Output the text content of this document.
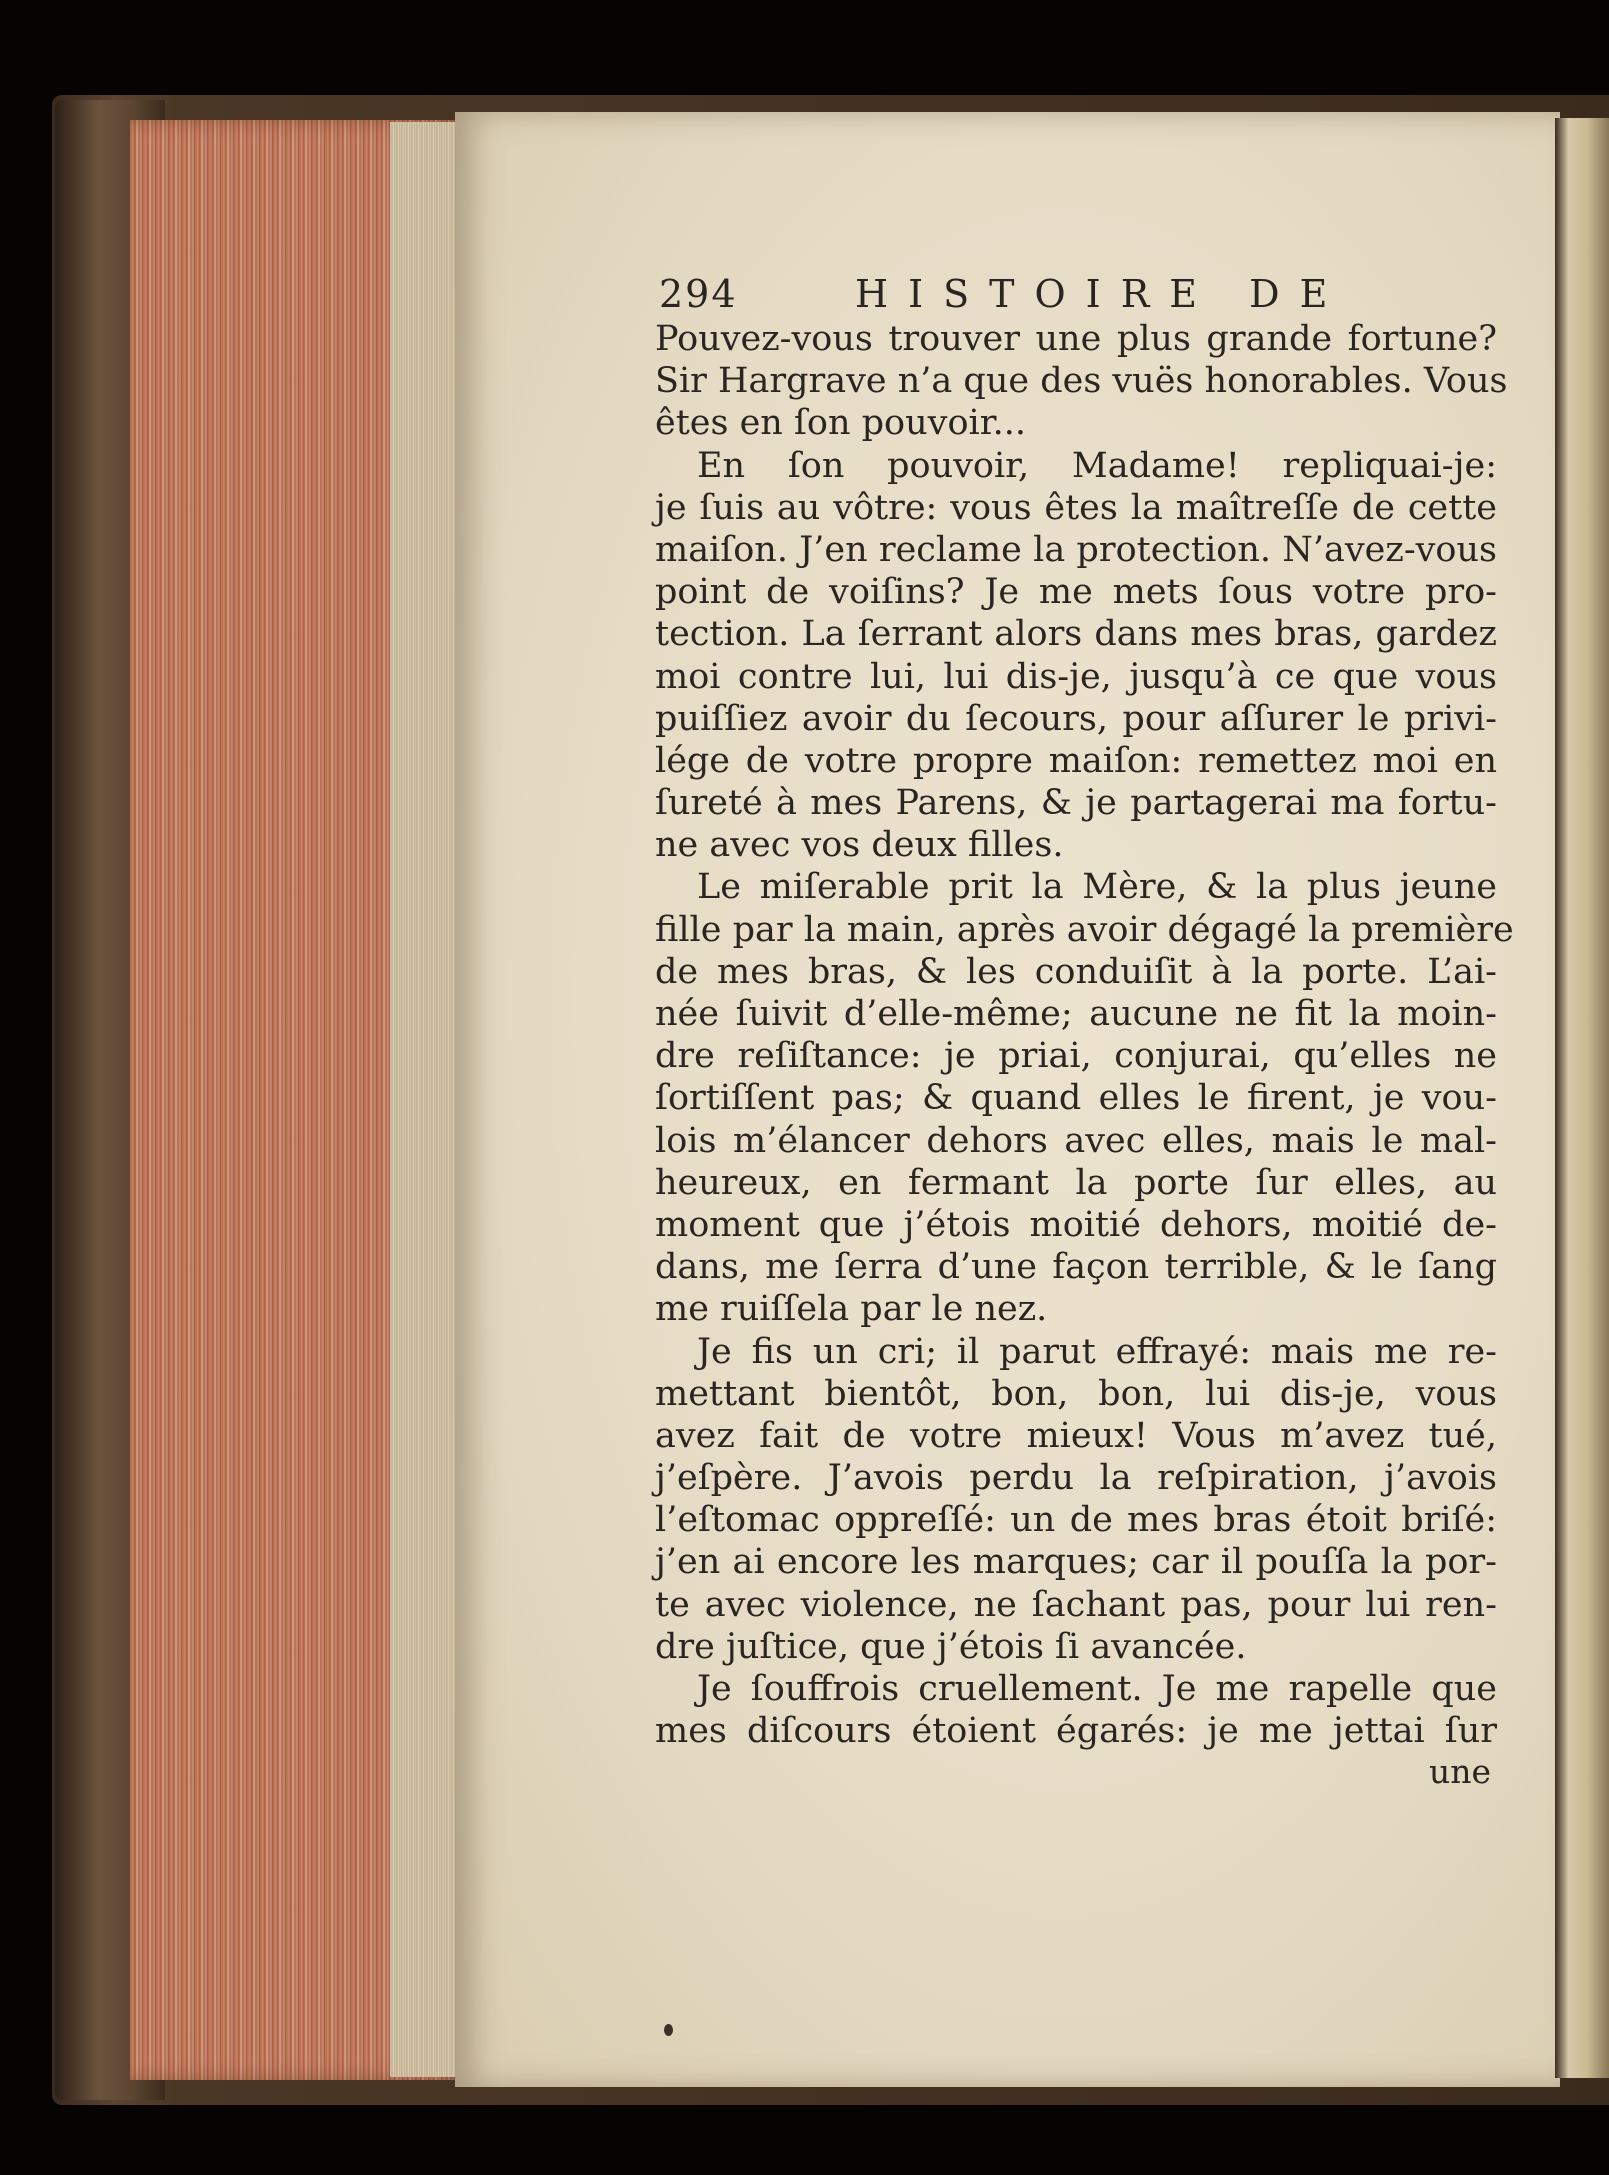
294	HISTOIRE DE
Pouvez-vous trouver une plus grande fortune?
Sir Hargrave n’a que des vuës honorables. Vous
êtes en ſon pouvoir...
En ſon pouvoir, Madame! repliquai-je:
je ſuis au vôtre: vous êtes la maîtreſſe de cette
maiſon. J’en reclame la protection. N’avez-vous
point de voiſins? Je me mets ſous votre pro-
tection. La ſerrant alors dans mes bras, gardez
moi contre lui, lui dis-je, jusqu’à ce que vous
puiſſiez avoir du ſecours, pour aſſurer le privi-
lége de votre propre maiſon: remettez moi en
ſureté à mes Parens, & je partagerai ma fortu-
ne avec vos deux filles.
Le miſerable prit la Mère, & la plus jeune
fille par la main, après avoir dégagé la première
de mes bras, & les conduiſit à la porte. L’ai-
née ſuivit d’elle-même; aucune ne fit la moin-
dre reſiſtance: je priai, conjurai, qu’elles ne
ſortiſſent pas; & quand elles le firent, je vou-
lois m’élancer dehors avec elles, mais le mal-
heureux, en fermant la porte ſur elles, au
moment que j’étois moitié dehors, moitié de-
dans, me ſerra d’une façon terrible, & le ſang
me ruiſſela par le nez.
Je fis un cri; il parut effrayé: mais me re-
mettant bientôt, bon, bon, lui dis-je, vous
avez fait de votre mieux! Vous m’avez tué,
j’eſpère. J’avois perdu la reſpiration, j’avois
l’eſtomac oppreſſé: un de mes bras étoit briſé:
j’en ai encore les marques; car il pouſſa la por-
te avec violence, ne ſachant pas, pour lui ren-
dre juſtice, que j’étois ſi avancée.
Je ſouffrois cruellement. Je me rapelle que
mes diſcours étoient égarés: je me jettai ſur
une
